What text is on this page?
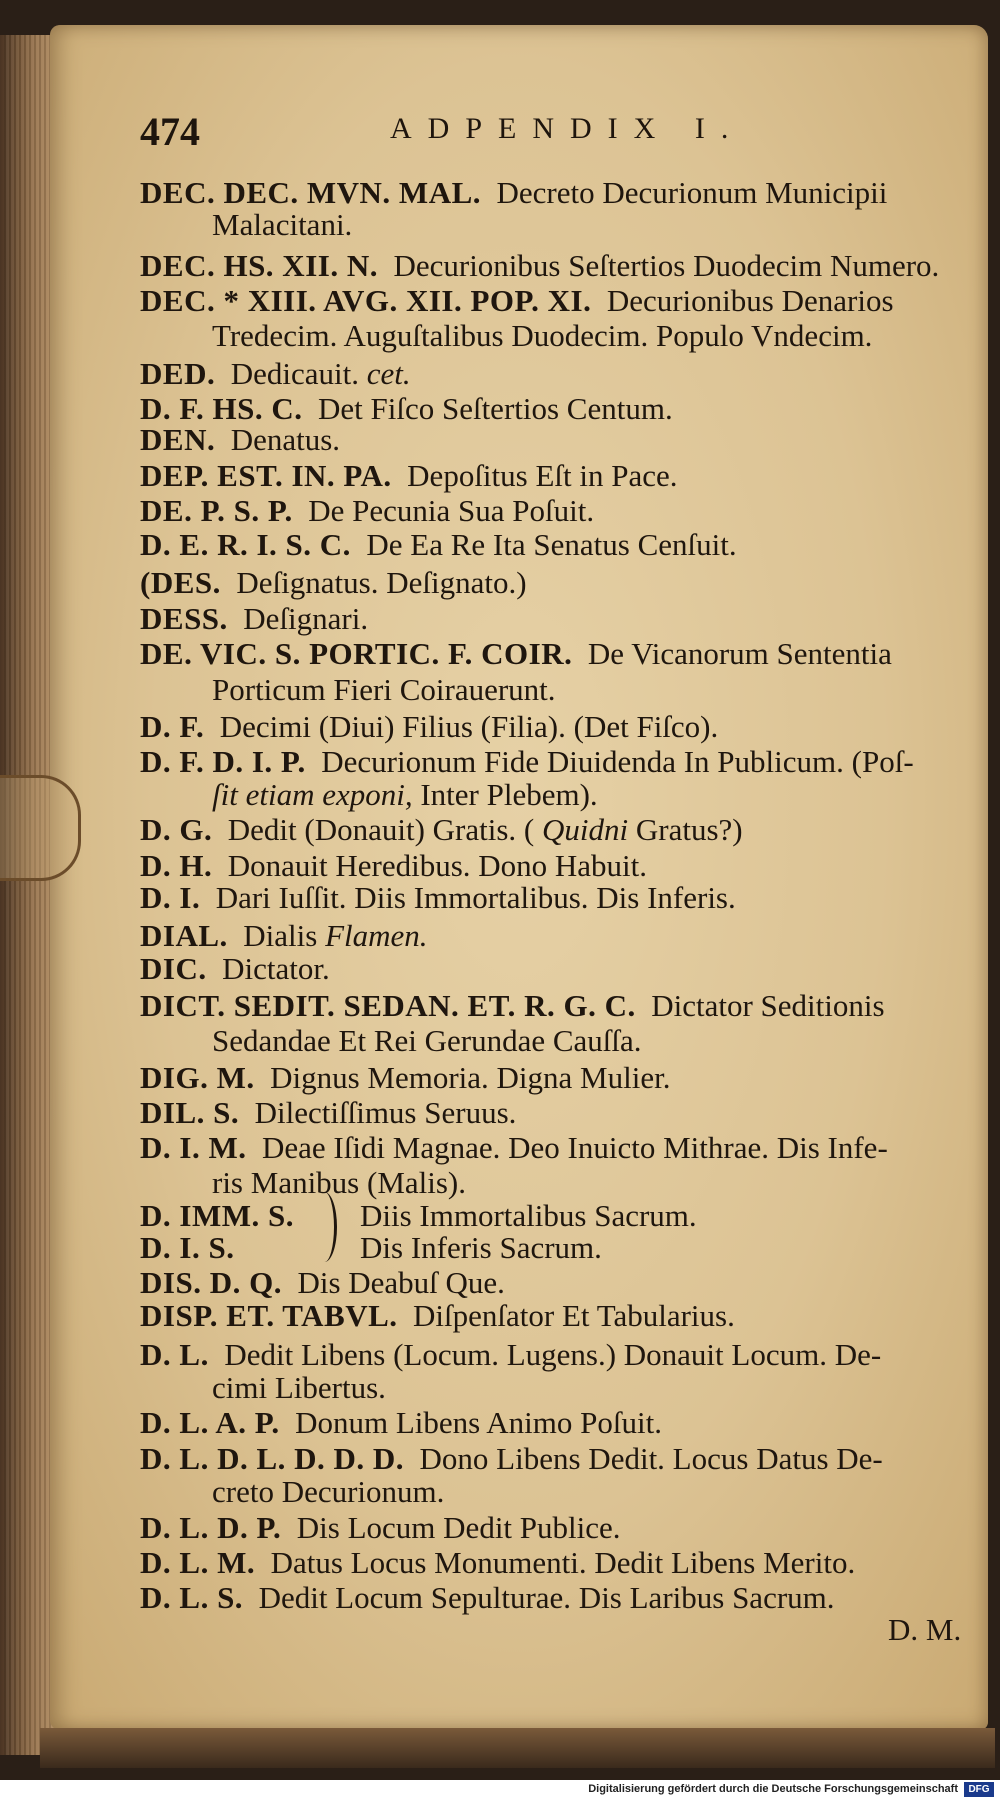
474	ADPENDIX I.
DEC. DEC. MVN. MAL. Decreto Decurionum Municipii
Malacitani.
DEC. HS. XII. N. Decurionibus Seſtertios Duodecim Numero.
DEC. * XIII. AVG. XII. POP. XI. Decurionibus Denarios
Tredecim. Auguſtalibus Duodecim. Populo Vndecim.
DED. Dedicauit. cet.
D. F. HS. C. Det Fiſco Seſtertios Centum.
DEN. Denatus.
DEP. EST. IN. PA. Depoſitus Eſt in Pace.
DE. P. S. P. De Pecunia Sua Poſuit.
D. E. R. I. S. C. De Ea Re Ita Senatus Cenſuit.
(DES. Deſignatus. Deſignato.)
DESS. Deſignari.
DE. VIC. S. PORTIC. F. COIR. De Vicanorum Sententia
Porticum Fieri Coirauerunt.
D. F. Decimi (Diui) Filius (Filia). (Det Fiſco).
D. F. D. I. P. Decurionum Fide Diuidenda In Publicum. (Poſ-
ſit etiam exponi, Inter Plebem).
D. G. Dedit (Donauit) Gratis. ( Quidni Gratus?)
D. H. Donauit Heredibus. Dono Habuit.
D. I. Dari Iuſſit. Diis Immortalibus. Dis Inferis.
DIAL. Dialis Flamen.
DIC. Dictator.
DICT. SEDIT. SEDAN. ET. R. G. C. Dictator Seditionis
Sedandae Et Rei Gerundae Cauſſa.
DIG. M. Dignus Memoria. Digna Mulier.
DIL. S. Dilectiſſimus Seruus.
D. I. M. Deae Iſidi Magnae. Deo Inuicto Mithrae. Dis Infe-
ris Manibus (Malis).
D. IMM. S. Diis Immortalibus Sacrum.
D. I. S.	Dis Inferis Sacrum.
DIS. D. Q. Dis Deabuſ Que.
DISP. ET. TABVL. Diſpenſator Et Tabularius.
D. L. Dedit Libens (Locum. Lugens.) Donauit Locum. De-
cimi Libertus.
D. L. A. P. Donum Libens Animo Poſuit.
D. L. D. L. D. D. D. Dono Libens Dedit. Locus Datus De-
creto Decurionum.
D. L. D. P. Dis Locum Dedit Publice.
D. L. M. Datus Locus Monumenti. Dedit Libens Merito.
D. L. S. Dedit Locum Sepulturae. Dis Laribus Sacrum.
D. M.
Digitalisierung gefördert durch die Deutsche Forschungsgemeinschaft	DFG
